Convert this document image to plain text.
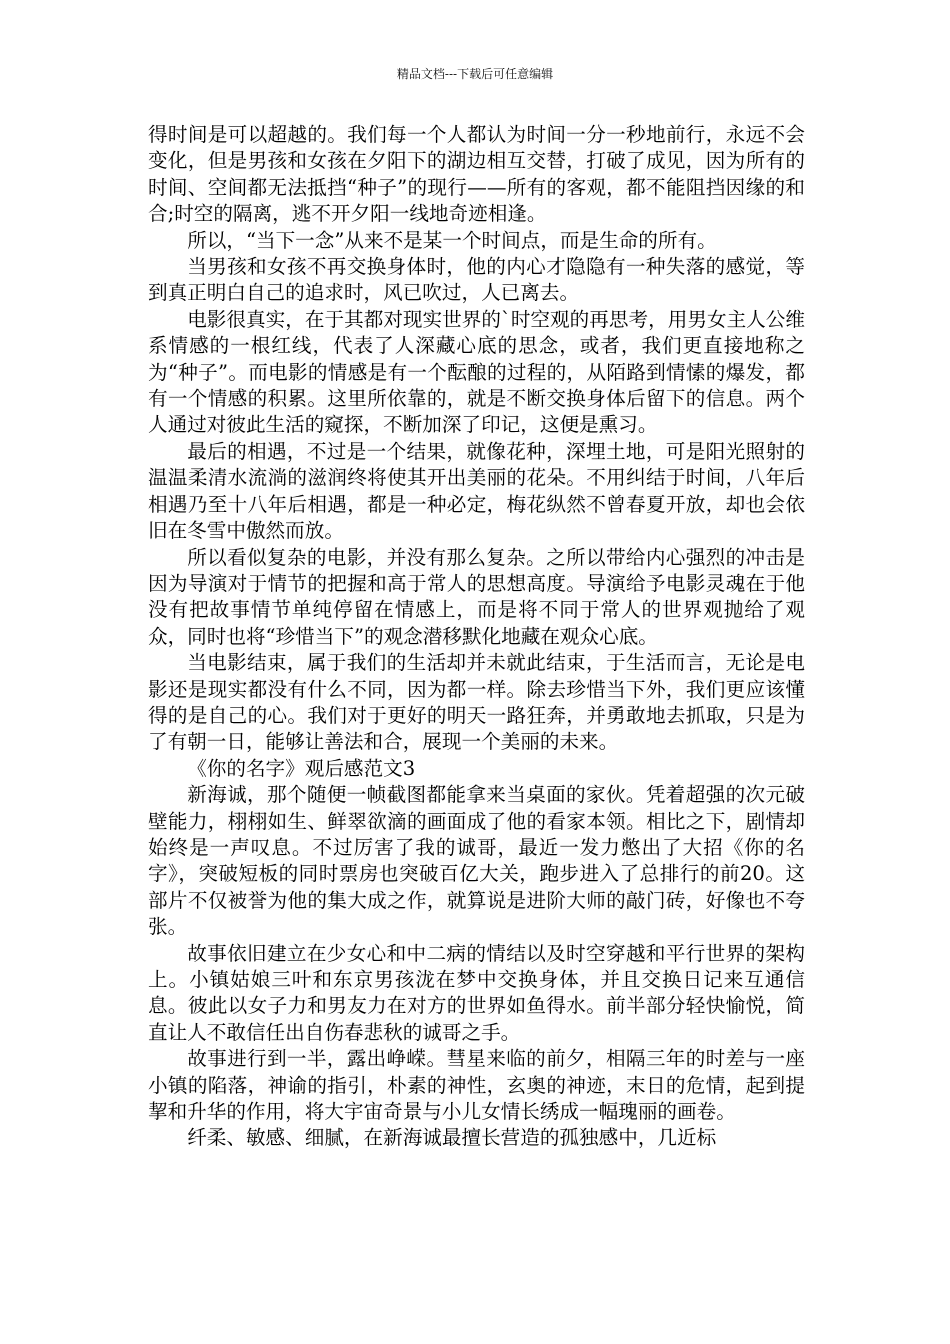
精品文档---下载后可任意编辑

得时间是可以超越的。我们每一个人都认为时间一分一秒地前行，永远不会变化，但是男孩和女孩在夕阳下的湖边相互交替，打破了成见，因为所有的时间、空间都无法抵挡“种子”的现行——所有的客观，都不能阻挡因缘的和合;时空的隔离，逃不开夕阳一线地奇迹相逢。

所以，“当下一念”从来不是某一个时间点，而是生命的所有。

当男孩和女孩不再交换身体时，他的内心才隐隐有一种失落的感觉，等到真正明白自己的追求时，风已吹过，人已离去。

电影很真实，在于其都对现实世界的`时空观的再思考，用男女主人公维系情感的一根红线，代表了人深藏心底的思念，或者，我们更直接地称之为“种子”。而电影的情感是有一个酝酿的过程的，从陌路到情愫的爆发，都有一个情感的积累。这里所依靠的，就是不断交换身体后留下的信息。两个人通过对彼此生活的窥探，不断加深了印记，这便是熏习。

最后的相遇，不过是一个结果，就像花种，深埋土地，可是阳光照射的温温柔清水流淌的滋润终将使其开出美丽的花朵。不用纠结于时间，八年后相遇乃至十八年后相遇，都是一种必定，梅花纵然不曾春夏开放，却也会依旧在冬雪中傲然而放。

所以看似复杂的电影，并没有那么复杂。之所以带给内心强烈的冲击是因为导演对于情节的把握和高于常人的思想高度。导演给予电影灵魂在于他没有把故事情节单纯停留在情感上，而是将不同于常人的世界观抛给了观众，同时也将“珍惜当下”的观念潜移默化地藏在观众心底。

当电影结束，属于我们的生活却并未就此结束，于生活而言，无论是电影还是现实都没有什么不同，因为都一样。除去珍惜当下外，我们更应该懂得的是自己的心。我们对于更好的明天一路狂奔，并勇敢地去抓取，只是为了有朝一日，能够让善法和合，展现一个美丽的未来。

《你的名字》观后感范文3

新海诚，那个随便一帧截图都能拿来当桌面的家伙。凭着超强的次元破壁能力，栩栩如生、鲜翠欲滴的画面成了他的看家本领。相比之下，剧情却始终是一声叹息。不过厉害了我的诚哥，最近一发力憋出了大招《你的名字》，突破短板的同时票房也突破百亿大关，跑步进入了总排行的前20。这部片不仅被誉为他的集大成之作，就算说是进阶大师的敲门砖，好像也不夸张。

故事依旧建立在少女心和中二病的情结以及时空穿越和平行世界的架构上。小镇姑娘三叶和东京男孩泷在梦中交换身体，并且交换日记来互通信息。彼此以女子力和男友力在对方的世界如鱼得水。前半部分轻快愉悦，简直让人不敢信任出自伤春悲秋的诚哥之手。

故事进行到一半，露出峥嵘。彗星来临的前夕，相隔三年的时差与一座小镇的陷落，神谕的指引，朴素的神性，玄奥的神迹，末日的危情，起到提挈和升华的作用，将大宇宙奇景与小儿女情长绣成一幅瑰丽的画卷。

纤柔、敏感、细腻，在新海诚最擅长营造的孤独感中，几近标
